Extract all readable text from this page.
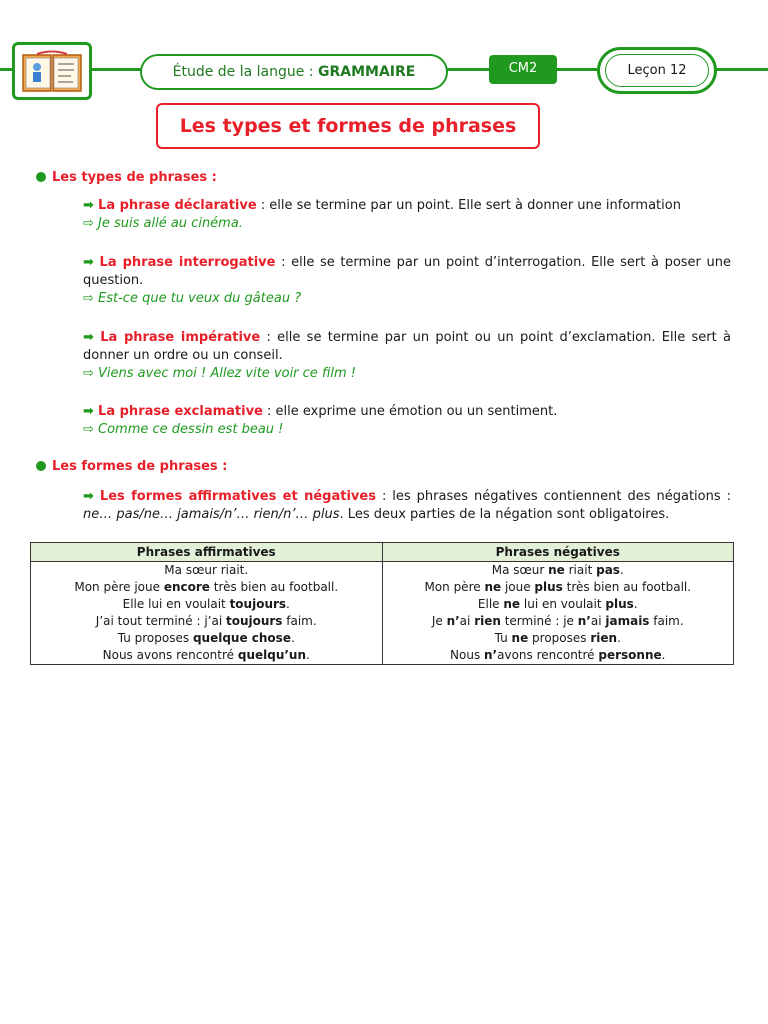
Étude de la langue : GRAMMAIRE	CM2	Leçon 12
Les types et formes de phrases
Les types de phrases :
➡ La phrase déclarative : elle se termine par un point. Elle sert à donner une information
⇨ Je suis allé au cinéma.
➡ La phrase interrogative : elle se termine par un point d’interrogation. Elle sert à poser une question.
⇨ Est-ce que tu veux du gâteau ?
➡ La phrase impérative : elle se termine par un point ou un point d’exclamation. Elle sert à donner un ordre ou un conseil.
⇨ Viens avec moi ! Allez vite voir ce film !
➡ La phrase exclamative : elle exprime une émotion ou un sentiment.
⇨ Comme ce dessin est beau !
Les formes de phrases :
➡ Les formes affirmatives et négatives : les phrases négatives contiennent des négations : ne… pas/ne… jamais/n’… rien/n’… plus. Les deux parties de la négation sont obligatoires.
Phrases affirmatives	Phrases négatives
Ma sœur riait.	Ma sœur ne riait pas.
Mon père joue encore très bien au football.	Mon père ne joue plus très bien au football.
Elle lui en voulait toujours.	Elle ne lui en voulait plus.
J’ai tout terminé : j’ai toujours faim.	Je n’ai rien terminé : je n’ai jamais faim.
Tu proposes quelque chose.	Tu ne proposes rien.
Nous avons rencontré quelqu’un.	Nous n’avons rencontré personne.
